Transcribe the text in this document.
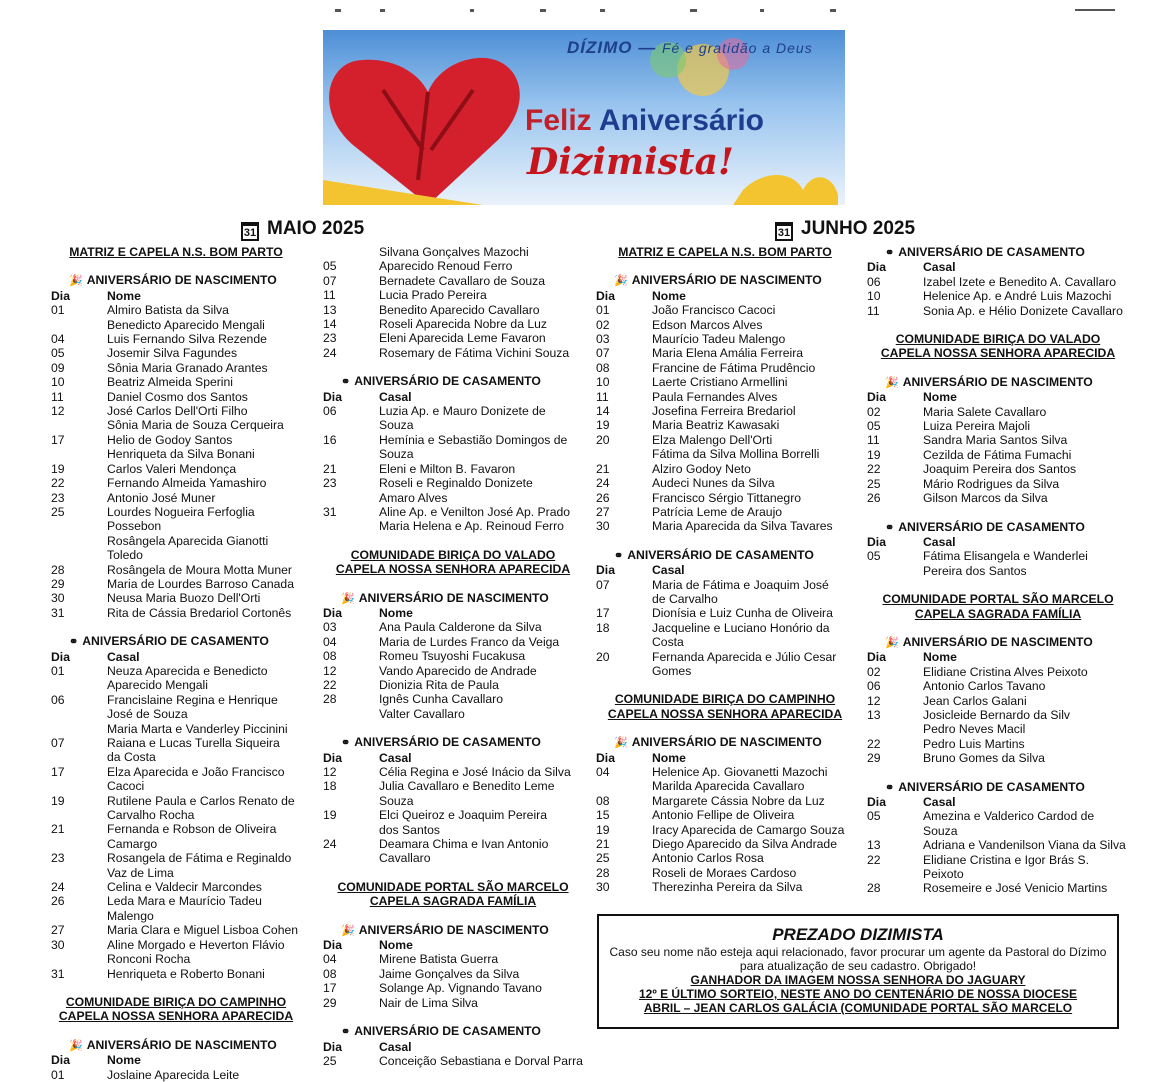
DÍZIMO — Fé e gratidão a Deus
Feliz Aniversário
Dizimista!
31 MAIO 2025	31 JUNHO 2025
MATRIZ E CAPELA N.S. BOM PARTO
🎉 ANIVERSÁRIO DE NASCIMENTO
Dia	Nome
01	Almiro Batista da Silva
Benedicto Aparecido Mengali
04	Luis Fernando Silva Rezende
05	Josemir Silva Fagundes
09	Sônia Maria Granado Arantes
10	Beatriz Almeida Sperini
11	Daniel Cosmo dos Santos
12	José Carlos Dell'Orti Filho
Sônia Maria de Souza Cerqueira
17	Helio de Godoy Santos
Henriqueta da Silva Bonani
19	Carlos Valeri Mendonça
22	Fernando Almeida Yamashiro
23	Antonio José Muner
25	Lourdes Nogueira Ferfoglia Possebon
Rosângela Aparecida Gianotti Toledo
28	Rosângela de Moura Motta Muner
29	Maria de Lourdes Barroso Canada
30	Neusa Maria Buozo Dell'Orti
31	Rita de Cássia Bredariol Cortonês
⚭ ANIVERSÁRIO DE CASAMENTO
Dia	Casal
01	Neuza Aparecida e Benedicto
Aparecido Mengali
06	Francislaine Regina e Henrique
José de Souza
Maria Marta e Vanderley Piccinini
07	Raiana e Lucas Turella Siqueira
da Costa
17	Elza Aparecida e João Francisco
Cacoci
19	Rutilene Paula e Carlos Renato de
Carvalho Rocha
21	Fernanda e Robson de Oliveira
Camargo
23	Rosangela de Fátima e Reginaldo
Vaz de Lima
24	Celina e Valdecir Marcondes
26	Leda Mara e Maurício Tadeu Malengo
27	Maria Clara e Miguel Lisboa Cohen
30	Aline Morgado e Heverton Flávio
Ronconi Rocha
31	Henriqueta e Roberto Bonani
COMUNIDADE BIRIÇA DO CAMPINHO
CAPELA NOSSA SENHORA APARECIDA
🎉 ANIVERSÁRIO DE NASCIMENTO
Dia	Nome
01	Joslaine Aparecida Leite
Silvana Gonçalves Mazochi
05	Aparecido Renoud Ferro
07	Bernadete Cavallaro de Souza
11	Lucia Prado Pereira
13	Benedito Aparecido Cavallaro
14	Roseli Aparecida Nobre da Luz
23	Eleni Aparecida Leme Favaron
24	Rosemary de Fátima Vichini Souza
⚭ ANIVERSÁRIO DE CASAMENTO
Dia	Casal
06	Luzia Ap. e Mauro Donizete de Souza
16	Hemínia e Sebastião Domingos de
Souza
21	Eleni e Milton B. Favaron
23	Roseli e Reginaldo Donizete
Amaro Alves
31	Aline Ap. e Venilton José Ap. Prado
Maria Helena e Ap. Reinoud Ferro
COMUNIDADE BIRIÇA DO VALADO
CAPELA NOSSA SENHORA APARECIDA
🎉 ANIVERSÁRIO DE NASCIMENTO
Dia	Nome
03	Ana Paula Calderone da Silva
04	Maria de Lurdes Franco da Veiga
08	Romeu Tsuyoshi Fucakusa
12	Vando Aparecido de Andrade
22	Dionizia Rita de Paula
28	Ignês Cunha Cavallaro
Valter Cavallaro
⚭ ANIVERSÁRIO DE CASAMENTO
Dia	Casal
12	Célia Regina e José Inácio da Silva
18	Julia Cavallaro e Benedito Leme Souza
19	Elci Queiroz e Joaquim Pereira
dos Santos
24	Deamara Chima e Ivan Antonio
Cavallaro
COMUNIDADE PORTAL SÃO MARCELO
CAPELA SAGRADA FAMÍLIA
🎉 ANIVERSÁRIO DE NASCIMENTO
Dia	Nome
04	Mirene Batista Guerra
08	Jaime Gonçalves da Silva
17	Solange Ap. Vignando Tavano
29	Nair de Lima Silva
⚭ ANIVERSÁRIO DE CASAMENTO
Dia	Casal
25	Conceição Sebastiana e Dorval Parra
MATRIZ E CAPELA N.S. BOM PARTO
🎉 ANIVERSÁRIO DE NASCIMENTO
Dia	Nome
01	João Francisco Cacoci
02	Edson Marcos Alves
03	Maurício Tadeu Malengo
07	Maria Elena Amália Ferreira
08	Francine de Fátima Prudêncio
10	Laerte Cristiano Armellini
11	Paula Fernandes Alves
14	Josefina Ferreira Bredariol
19	Maria Beatriz Kawasaki
20	Elza Malengo Dell'Orti
Fátima da Silva Mollina Borrelli
21	Alziro Godoy Neto
24	Audeci Nunes da Silva
26	Francisco Sérgio Tittanegro
27	Patrícia Leme de Araujo
30	Maria Aparecida da Silva Tavares
⚭ ANIVERSÁRIO DE CASAMENTO
Dia	Casal
07	Maria de Fátima e Joaquim José
de Carvalho
17	Dionísia e Luiz Cunha de Oliveira
18	Jacqueline e Luciano Honório da
Costa
20	Fernanda Aparecida e Júlio Cesar
Gomes
COMUNIDADE BIRIÇA DO CAMPINHO
CAPELA NOSSA SENHORA APARECIDA
🎉 ANIVERSÁRIO DE NASCIMENTO
Dia	Nome
04	Helenice Ap. Giovanetti Mazochi
Marilda Aparecida Cavallaro
08	Margarete Cássia Nobre da Luz
15	Antonio Fellipe de Oliveira
19	Iracy Aparecida de Camargo Souza
21	Diego Aparecido da Silva Andrade
25	Antonio Carlos Rosa
28	Roseli de Moraes Cardoso
30	Therezinha Pereira da Silva
⚭ ANIVERSÁRIO DE CASAMENTO
Dia	Casal
06	Izabel Izete e Benedito A. Cavallaro
10	Helenice Ap. e André Luis Mazochi
11	Sonia Ap. e Hélio Donizete Cavallaro
COMUNIDADE BIRIÇA DO VALADO
CAPELA NOSSA SENHORA APARECIDA
🎉 ANIVERSÁRIO DE NASCIMENTO
Dia	Nome
02	Maria Salete Cavallaro
05	Luiza Pereira Majoli
11	Sandra Maria Santos Silva
19	Cezilda de Fátima Fumachi
22	Joaquim Pereira dos Santos
25	Mário Rodrigues da Silva
26	Gilson Marcos da Silva
⚭ ANIVERSÁRIO DE CASAMENTO
Dia	Casal
05	Fátima Elisangela e Wanderlei
Pereira dos Santos
COMUNIDADE PORTAL SÃO MARCELO
CAPELA SAGRADA FAMÍLIA
🎉 ANIVERSÁRIO DE NASCIMENTO
Dia	Nome
02	Elidiane Cristina Alves Peixoto
06	Antonio Carlos Tavano
12	Jean Carlos Galani
13	Josicleide Bernardo da Silv
Pedro Neves Macil
22	Pedro Luis Martins
29	Bruno Gomes da Silva
⚭ ANIVERSÁRIO DE CASAMENTO
Dia	Casal
05	Amezina e Valderico Cardod de
Souza
13	Adriana e Vandenilson Viana da Silva
22	Elidiane Cristina e Igor Brás S.
Peixoto
28	Rosemeire e José Venicio Martins
PREZADO DIZIMISTA
Caso seu nome não esteja aqui relacionado, favor procurar um agente da Pastoral do Dízimo
para atualização de seu cadastro. Obrigado!
GANHADOR DA IMAGEM NOSSA SENHORA DO JAGUARY
12º E ÚLTIMO SORTEIO, NESTE ANO DO CENTENÁRIO DE NOSSA DIOCESE
ABRIL – JEAN CARLOS GALÁCIA (COMUNIDADE PORTAL SÃO MARCELO
